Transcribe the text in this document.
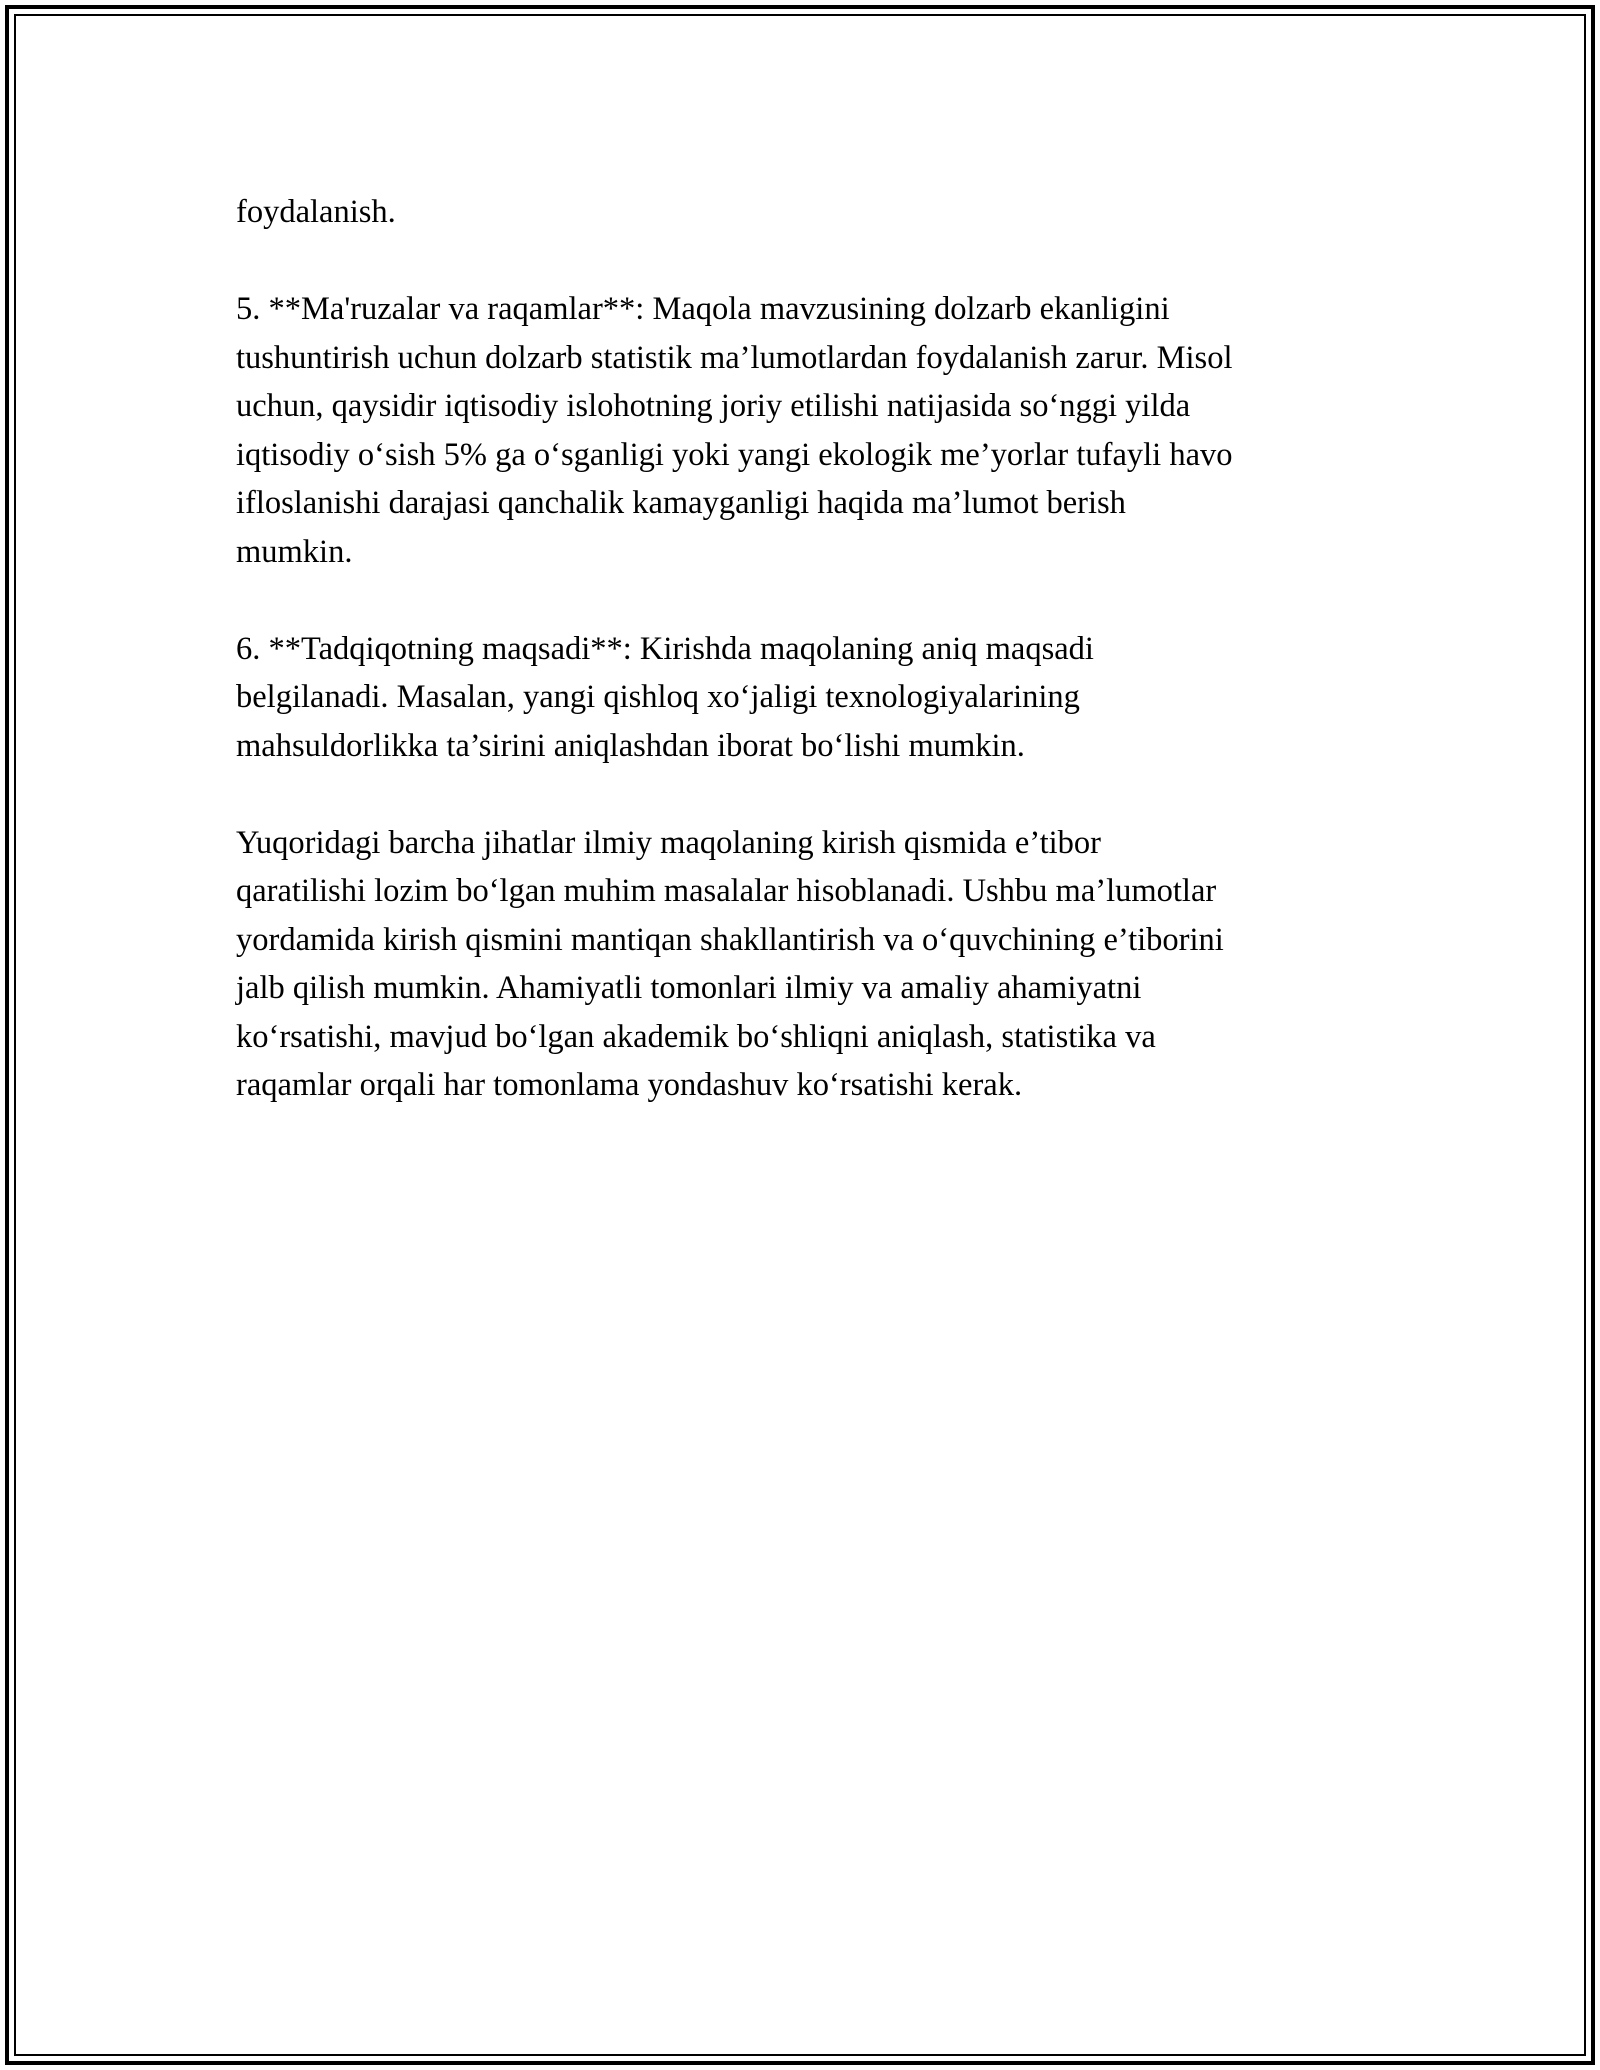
foydalanish.

5. **Ma'ruzalar va raqamlar**: Maqola mavzusining dolzarb ekanligini
tushuntirish uchun dolzarb statistik ma’lumotlardan foydalanish zarur. Misol
uchun, qaysidir iqtisodiy islohotning joriy etilishi natijasida so‘nggi yilda
iqtisodiy o‘sish 5% ga o‘sganligi yoki yangi ekologik me’yorlar tufayli havo
ifloslanishi darajasi qanchalik kamayganligi haqida ma’lumot berish
mumkin.

6. **Tadqiqotning maqsadi**: Kirishda maqolaning aniq maqsadi
belgilanadi. Masalan, yangi qishloq xo‘jaligi texnologiyalarining
mahsuldorlikka ta’sirini aniqlashdan iborat bo‘lishi mumkin.

Yuqoridagi barcha jihatlar ilmiy maqolaning kirish qismida e’tibor
qaratilishi lozim bo‘lgan muhim masalalar hisoblanadi. Ushbu ma’lumotlar
yordamida kirish qismini mantiqan shakllantirish va o‘quvchining e’tiborini
jalb qilish mumkin. Ahamiyatli tomonlari ilmiy va amaliy ahamiyatni
ko‘rsatishi, mavjud bo‘lgan akademik bo‘shliqni aniqlash, statistika va
raqamlar orqali har tomonlama yondashuv ko‘rsatishi kerak.
